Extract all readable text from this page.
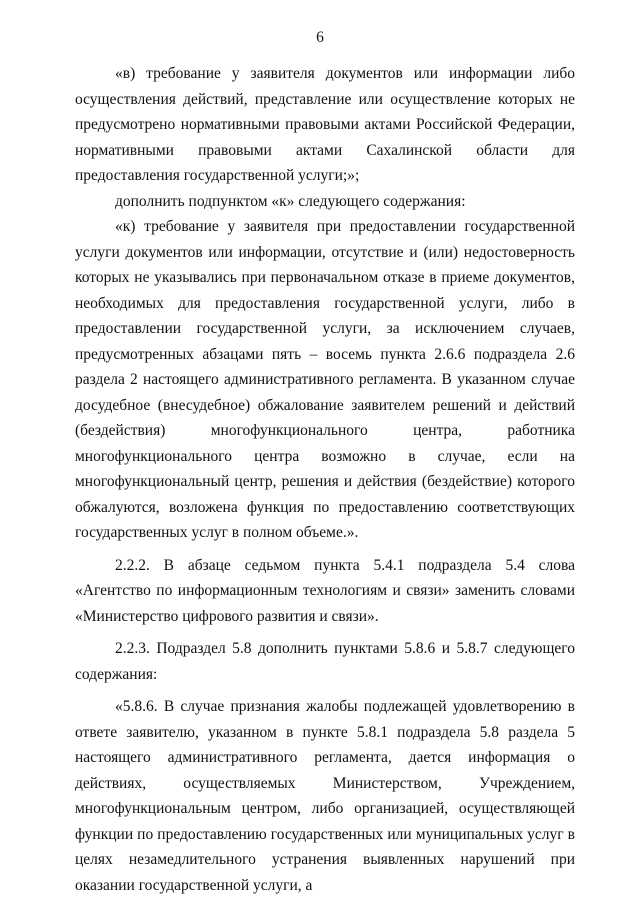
6

«в) требование у заявителя документов или информации либо осуществления действий, представление или осуществление которых не предусмотрено нормативными правовыми актами Российской Федерации, нормативными правовыми актами Сахалинской области для предоставления государственной услуги;»;

дополнить подпунктом «к» следующего содержания:

«к) требование у заявителя при предоставлении государственной услуги документов или информации, отсутствие и (или) недостоверность которых не указывались при первоначальном отказе в приеме документов, необходимых для предоставления государственной услуги, либо в предоставлении государственной услуги, за исключением случаев, предусмотренных абзацами пять – восемь пункта 2.6.6 подраздела 2.6 раздела 2 настоящего административного регламента. В указанном случае досудебное (внесудебное) обжалование заявителем решений и действий (бездействия) многофункционального центра, работника многофункционального центра возможно в случае, если на многофункциональный центр, решения и действия (бездействие) которого обжалуются, возложена функция по предоставлению соответствующих государственных услуг в полном объеме.».

2.2.2. В абзаце седьмом пункта 5.4.1 подраздела 5.4 слова «Агентство по информационным технологиям и связи» заменить словами «Министерство цифрового развития и связи».

2.2.3. Подраздел 5.8 дополнить пунктами 5.8.6 и 5.8.7 следующего содержания:

«5.8.6. В случае признания жалобы подлежащей удовлетворению в ответе заявителю, указанном в пункте 5.8.1 подраздела 5.8 раздела 5 настоящего административного регламента, дается информация о действиях, осуществляемых Министерством, Учреждением, многофункциональным центром, либо организацией, осуществляющей функции по предоставлению государственных или муниципальных услуг в целях незамедлительного устранения выявленных нарушений при оказании государственной услуги, а
